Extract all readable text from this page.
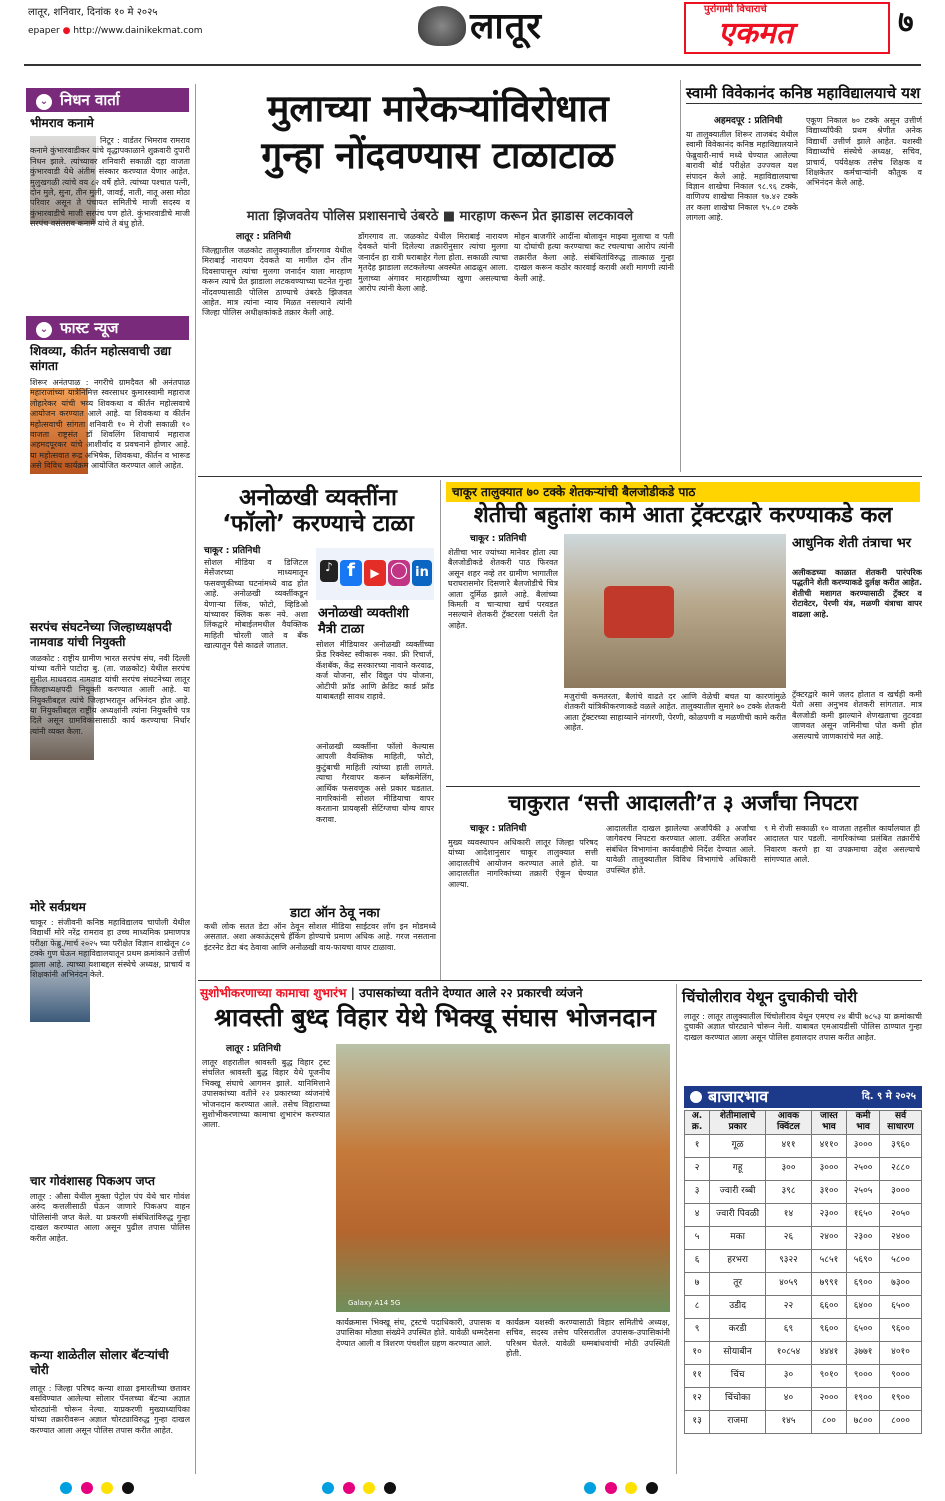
लातूर, शनिवार, दिनांक १० मे २०२५
epaper ● http://www.dainikekmat.com	लातूर	पुरोगामी विचाराचे
एकमत	७
⌄ निधन वार्ता
भीमराव कनामे
निटूर : वार्डतर भिमराव रामराव कनामे कुंभारवाडीकर यांचे वृद्धापकाळाने शुक्रवारी दुपारी निधन झाले. त्यांच्यावर शनिवारी सकाळी दहा वाजता कुंभारवाडी येथे अंतीम संस्कार करण्यात येणार आहेत. मुलुखगळी त्यांचे वय ८२ वर्षे होते. त्यांच्या पश्चात पत्नी, दोन मुले, सुना, तीन मुली, जावई, नाती, नातू असा मोठा परिवार असून ते पंचायत समितीचे माजी सदस्य व कुंभारवाडीचे माजी सरपंच पण होते. कुंभारवाडीचे माजी सरपंच वसंतराव कनामे यांचे ते बंधु होते.
⌄ फास्ट न्यूज
शिवव्या, कीर्तन महोत्सवाची उद्या सांगता
शिरूर अनंतपाळ : नगरीचे ग्रामदैवत श्री अनंतपाळ महाराजांच्या यात्रेनिमित्त स्वरसाधर कुमारस्वामी महाराज लोहारेकर यांची भव्य शिवकथा व कीर्तन महोत्सवाचे आयोजन करण्यात आले आहे. या शिवकथा व कीर्तन महोत्सवाची सांगता शनिवारी १० मे रोजी सकाळी १० वाजता राष्ट्रसंत डॉ शिवलिंग शिवाचार्य महाराज अहमदपूरकर यांचे आशीर्वाद व प्रवचनाने होणार आहे. या महोत्सवात रूद्र अभिषेक, शिवकथा, कीर्तन व भारूड असे विविध कार्यक्रम आयोजित करण्यात आले आहेत.
सरपंच संघटनेच्या जिल्हाध्यक्षपदी नामवाड यांची नियुक्ती
जळकोट : राष्ट्रीय ग्रामीण भारत सरपंच संघ, नवी दिल्ली यांच्या वतीने पाटोदा बु. (ता. जळकोट) येथील सरपंच सुनील माधवराव नामवाड यांची सरपंच संघटनेच्या लातूर जिल्हाध्यक्षपदी नियुक्ती करण्यात आली आहे. या नियुक्तीबद्दल त्यांचे जिल्हाभरातून अभिनंदन होत आहे. या नियुक्तीबद्दल राष्ट्रीय अध्यक्षांनी त्यांना नियुक्तीचे पत्र दिले असून ग्रामविकासासाठी कार्य करण्याचा निर्धार त्यांनी व्यक्त केला.
मोरे सर्वप्रथम
चाकूर : संजीवनी कनिष्ठ महाविद्यालय चापोली येथील विद्यार्थी मोरे नरेंद्र रामराव हा उच्च माध्यमिक प्रमाणपत्र परीक्षा फेब्रु./मार्च २०२५ च्या परीक्षेत विज्ञान शाखेतून ८० टक्के गुण घेऊन महाविद्यालयातून प्रथम क्रमांकाने उत्तीर्ण झाला आहे. त्याच्या यशाबद्दल संस्थेचे अध्यक्ष, प्राचार्य व शिक्षकांनी अभिनंदन केले.
चार गोवंशासह पिकअप जप्त
लातूर : औसा येथील मुक्ता पेट्रोल पंप येथे चार गोवंश अरुंद कत्तलीसाठी घेऊन जाणारे पिकअप वाहन पोलिसांनी जप्त केले. या प्रकरणी संबंधितांविरुद्ध गुन्हा दाखल करण्यात आला असून पुढील तपास पोलिस करीत आहेत.
कन्या शाळेतील सोलार बॅटऱ्यांची चोरी
लातूर : जिल्हा परिषद कन्या शाळा इमारतीच्या छतावर बसविण्यात आलेल्या सोलार पॅनलच्या बॅटऱ्या अज्ञात चोरट्यांनी चोरून नेल्या. याप्रकरणी मुख्याध्यापिका यांच्या तक्रारीवरून अज्ञात चोरट्याविरुद्ध गुन्हा दाखल करण्यात आला असून पोलिस तपास करीत आहेत.
मुलाच्या मारेकऱ्यांविरोधात
गुन्हा नोंदवण्यास टाळाटाळ
माता झिजवतेय पोलिस प्रशासनाचे उंबरठे ■ मारहाण करून प्रेत झाडास लटकावले
लातूर : प्रतिनिधी
जिल्ह्यातील जळकोट तालुक्यातील डोंगरगाव येथील मिराबाई नारायण देवकते या मागील दोन तीन दिवसापासून त्यांचा मुलगा जनार्दन याला मारहाण करून त्याचे प्रेत झाडाला लटकवण्याच्या घटनेत गुन्हा नोंदवण्यासाठी पोलिस ठाण्याचे उंबरठे झिजवत आहेत. मात्र त्यांना न्याय मिळत नसल्याने त्यांनी जिल्हा पोलिस अधीक्षकांकडे तक्रार केली आहे.
डोंगरगाव ता. जळकोट येथील मिराबाई नारायण देवकते यांनी दिलेल्या तक्रारीनुसार त्यांचा मुलगा जनार्दन हा रात्री घराबाहेर गेला होता. सकाळी त्याचा मृतदेह झाडाला लटकलेल्या अवस्थेत आढळून आला. मुलाच्या अंगावर मारहाणीच्या खुणा असल्याचा आरोप त्यांनी केला आहे.
मोहन बाजगीरे आदींना बोलावून माझ्या मुलाचा व पती या दोघांची हत्या करण्याचा कट रचल्याचा आरोप त्यांनी तक्रारीत केला आहे. संबंधितांविरुद्ध तात्काळ गुन्हा दाखल करून कठोर कारवाई करावी अशी मागणी त्यांनी केली आहे.
स्वामी विवेकानंद कनिष्ठ महाविद्यालयाचे यश
अहमदपूर : प्रतिनिधी
या तालुक्यातील शिरूर ताजबंद येथील स्वामी विवेकानंद कनिष्ठ महाविद्यालयाने फेब्रुवारी-मार्च मध्ये घेण्यात आलेल्या बारावी बोर्ड परीक्षेत उज्ज्वल यश संपादन केले आहे. महाविद्यालयाचा विज्ञान शाखेचा निकाल ९८.९६ टक्के, वाणिज्य शाखेचा निकाल ९७.४२ टक्के तर कला शाखेचा निकाल ९५.८० टक्के लागला आहे.
एकूण निकाल ७० टक्के असून उत्तीर्ण विद्यार्थ्यांपैकी प्रथम श्रेणीत अनेक विद्यार्थी उत्तीर्ण झाले आहेत. यशस्वी विद्यार्थ्यांचे संस्थेचे अध्यक्ष, सचिव, प्राचार्य, पर्यवेक्षक तसेच शिक्षक व शिक्षकेतर कर्मचाऱ्यांनी कौतुक व अभिनंदन केले आहे.
अनोळखी व्यक्तींना
‘फॉलो’ करण्याचे टाळा
चाकूर : प्रतिनिधी
सोशल मीडिया व डिजिटल मेसेंजरच्या माध्यमातून फसवणुकीच्या घटनांमध्ये वाढ होत आहे. अनोळखी व्यक्तींकडून येणाऱ्या लिंक, फोटो, व्हिडिओ यांच्यावर क्लिक करू नये. अशा लिंकद्वारे मोबाईलमधील वैयक्तिक माहिती चोरली जाते व बँक खात्यातून पैसे काढले जातात.
♪ f	▶ ◯ in
अनोळखी व्यक्तीशी
मैत्री टाळा
सोशल मीडियावर अनोळखी व्यक्तींच्या फ्रेंड रिक्वेस्ट स्वीकारू नका. फ्री रिचार्ज, कॅशबॅक, केंद्र सरकारच्या नावाने करवाढ, कर्ज योजना, सौर विद्युत पंप योजना, ओटीपी फ्रॉड आणि क्रेडिट कार्ड फ्रॉड याबाबतही सावध राहावे.
अनोळखी व्यक्तींना फॉलो केल्यास आपली वैयक्तिक माहिती, फोटो, कुटुंबाची माहिती त्यांच्या हाती लागते. त्याचा गैरवापर करून ब्लॅकमेलिंग, आर्थिक फसवणूक असे प्रकार घडतात. नागरिकांनी सोशल मीडियाचा वापर करताना प्रायव्हसी सेटिंग्जचा योग्य वापर करावा.
डाटा ऑन ठेवू नका
कधी लोक सतत डेटा ऑन ठेवून सोशल मीडिया साईटवर लॉग इन मोडमध्ये असतात. अशा अकाऊंट्सचे हॅकिंग होण्याचे प्रमाण अधिक आहे. गरज नसताना इंटरनेट डेटा बंद ठेवावा आणि अनोळखी वाय-फायचा वापर टाळावा.
चाकूर तालुक्यात ७० टक्के शेतकऱ्यांची बैलजोडीकडे पाठ
शेतीची बहुतांश कामे आता ट्रॅक्टरद्वारे करण्याकडे कल
चाकूर : प्रतिनिधी
शेतीचा भार ज्यांच्या मानेवर होता त्या बैलजोडीकडे शेतकरी पाठ फिरवत असून शहर नव्हे तर ग्रामीण भागातील घराघरासमोर दिसणारे बैलजोडीचे चित्र आता दुर्मिळ झाले आहे. बैलांच्या किमती व चाऱ्याचा खर्च परवडत नसल्याने शेतकरी ट्रॅक्टरला पसंती देत आहेत.
मजुरांची कमतरता, बैलांचे वाढते दर आणि वेळेची बचत या कारणांमुळे शेतकरी यांत्रिकीकरणाकडे वळले आहेत. तालुक्यातील सुमारे ७० टक्के शेतकरी आता ट्रॅक्टरच्या साहाय्याने नांगरणी, पेरणी, कोळपणी व मळणीची कामे करीत आहेत.
आधुनिक शेती तंत्राचा भर
अलीकडच्या काळात शेतकरी पारंपरिक पद्धतीने शेती करण्याकडे दुर्लक्ष करीत आहेत. शेतीची मशागत करण्यासाठी ट्रॅक्टर व रोटावेटर, पेरणी यंत्र, मळणी यंत्राचा वापर वाढला आहे.
ट्रॅक्टरद्वारे कामे जलद होतात व खर्चही कमी येतो असा अनुभव शेतकरी सांगतात. मात्र बैलजोडी कमी झाल्याने शेणखताचा तुटवडा जाणवत असून जमिनीचा पोत कमी होत असल्याचे जाणकारांचे मत आहे.
चाकुरात ‘सत्ती आदालती’त ३ अर्जांचा निपटरा
चाकूर : प्रतिनिधी
मुख्य व्यवस्थापन अधिकारी लातूर जिल्हा परिषद यांच्या आदेशानुसार चाकूर तालुक्यात सत्ती आदालतीचे आयोजन करण्यात आले होते. या आदालतीत नागरिकांच्या तक्रारी ऐकून घेण्यात आल्या.
आदालतीत दाखल झालेल्या अर्जांपैकी ३ अर्जांचा जागेवरच निपटरा करण्यात आला. उर्वरित अर्जांवर संबंधित विभागांना कार्यवाहीचे निर्देश देण्यात आले. यावेळी तालुक्यातील विविध विभागांचे अधिकारी उपस्थित होते.
९ मे रोजी सकाळी १० वाजता तहसील कार्यालयात ही आदालत पार पडली. नागरिकांच्या प्रलंबित तक्रारींचे निवारण करणे हा या उपक्रमाचा उद्देश असल्याचे सांगण्यात आले.
सुशोभीकरणाच्या कामाचा शुभारंभ | उपासकांच्या वतीने देण्यात आले २२ प्रकारची व्यंजने
श्रावस्ती बुध्द विहार येथे भिक्खू संघास भोजनदान
लातूर : प्रतिनिधी
लातूर शहरातील श्रावस्ती बुद्ध विहार ट्रस्ट संचलित श्रावस्ती बुद्ध विहार येथे पूजनीय भिक्खू संघाचे आगमन झाले. यानिमित्ताने उपासकांच्या वतीने २२ प्रकारच्या व्यंजनांचे भोजनदान करण्यात आले. तसेच विहाराच्या सुशोभीकरणाच्या कामाचा शुभारंभ करण्यात आला.
Galaxy A14 5G
कार्यक्रमास भिक्खू संघ, ट्रस्टचे पदाधिकारी, उपासक व उपासिका मोठ्या संख्येने उपस्थित होते. यावेळी धम्मदेसना देण्यात आली व त्रिशरण पंचशील ग्रहण करण्यात आले.
कार्यक्रम यशस्वी करण्यासाठी विहार समितीचे अध्यक्ष, सचिव, सदस्य तसेच परिसरातील उपासक-उपासिकांनी परिश्रम घेतले. यावेळी धम्मबांधवांची मोठी उपस्थिती होती.
चिंचोलीराव येथून दुचाकीची चोरी
लातूर : लातूर तालुक्यातील चिंचोलीराव येथून एमएच २४ बीपी ७८५३ या क्रमांकाची दुचाकी अज्ञात चोरट्याने चोरून नेली. याबाबत एमआयडीसी पोलिस ठाण्यात गुन्हा दाखल करण्यात आला असून पोलिस हवालदार तपास करीत आहेत.
बाजारभाव	दि. ९ मे २०२५
अ. क्र.	शेतीमालाचे प्रकार	आवक क्विंटल	जास्त भाव	कमी भाव	सर्व साधारण
१	गूळ	४११	४११०	३०००	३९६०
२	गहू	३००	३०००	२५००	२८८०
३	ज्वारी रब्बी	३९८	३१००	२५०५	३०००
४	ज्वारी पिवळी	१४	२३००	१६५०	२०५०
५	मका	२६	२४००	२३००	२४००
६	हरभरा	९३२२	५८५१	५६९०	५८००
७	तूर	४०५९	७९९१	६९००	७३००
८	उडीद	२२	६६००	६४००	६५००
९	करडी	६९	९६००	६५००	९६००
१०	सोयाबीन	१०८५४	४४४१	३७७१	४०१०
११	चिंच	३०	९०१०	९०००	९०००
१२	चिंचोका	४०	२०००	१९००	१९००
१३	राजमा	१४५	८००	७८००	८०००
